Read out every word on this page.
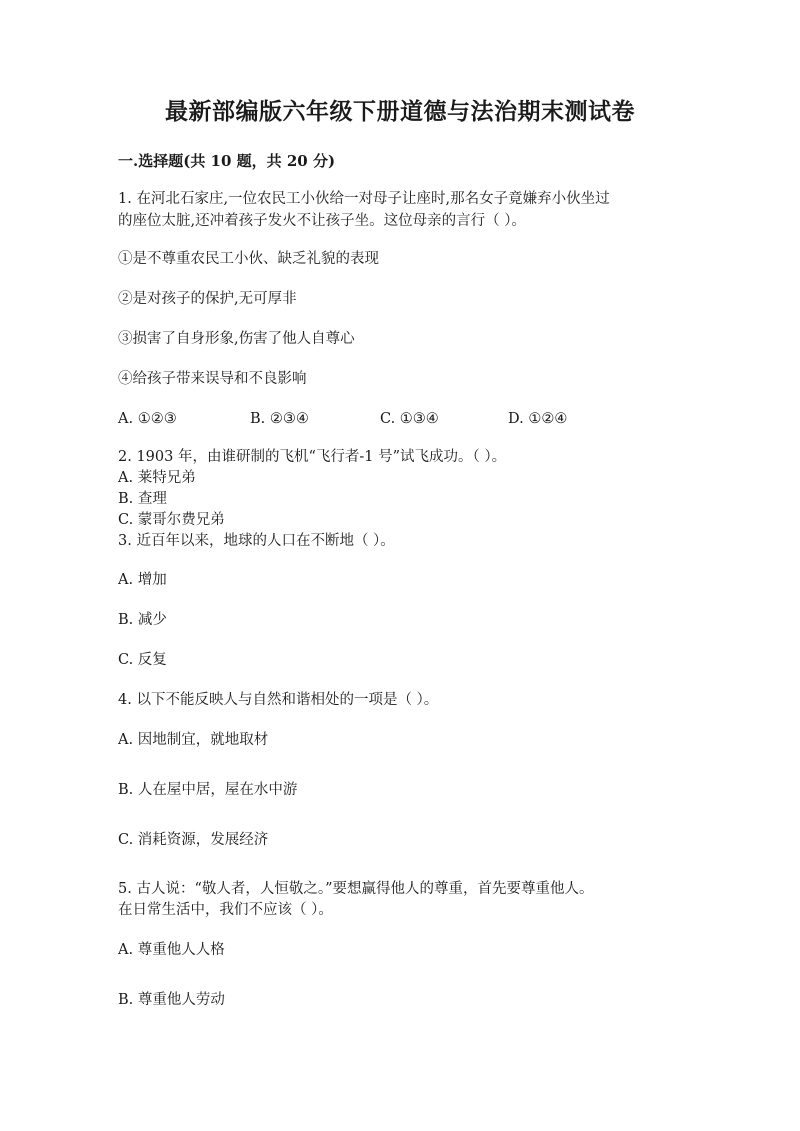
最新部编版六年级下册道德与法治期末测试卷
一.选择题(共 10 题，共 20 分)
1. 在河北石家庄,一位农民工小伙给一对母子让座时,那名女子竟嫌弃小伙坐过
的座位太脏,还冲着孩子发火不让孩子坐。这位母亲的言行（ ）。
①是不尊重农民工小伙、缺乏礼貌的表现
②是对孩子的保护,无可厚非
③损害了自身形象,伤害了他人自尊心
④给孩子带来误导和不良影响
A. ①②③	B. ②③④	C. ①③④	D. ①②④
2. 1903 年，由谁研制的飞机“飞行者-1 号”试飞成功。（ ）。
A. 莱特兄弟
B. 查理
C. 蒙哥尔费兄弟
3. 近百年以来，地球的人口在不断地（ ）。
A. 增加
B. 减少
C. 反复
4. 以下不能反映人与自然和谐相处的一项是（ ）。
A. 因地制宜，就地取材
B. 人在屋中居，屋在水中游
C. 消耗资源，发展经济
5. 古人说：“敬人者，人恒敬之。”要想赢得他人的尊重，首先要尊重他人。
在日常生活中，我们不应该（ ）。
A. 尊重他人人格
B. 尊重他人劳动
